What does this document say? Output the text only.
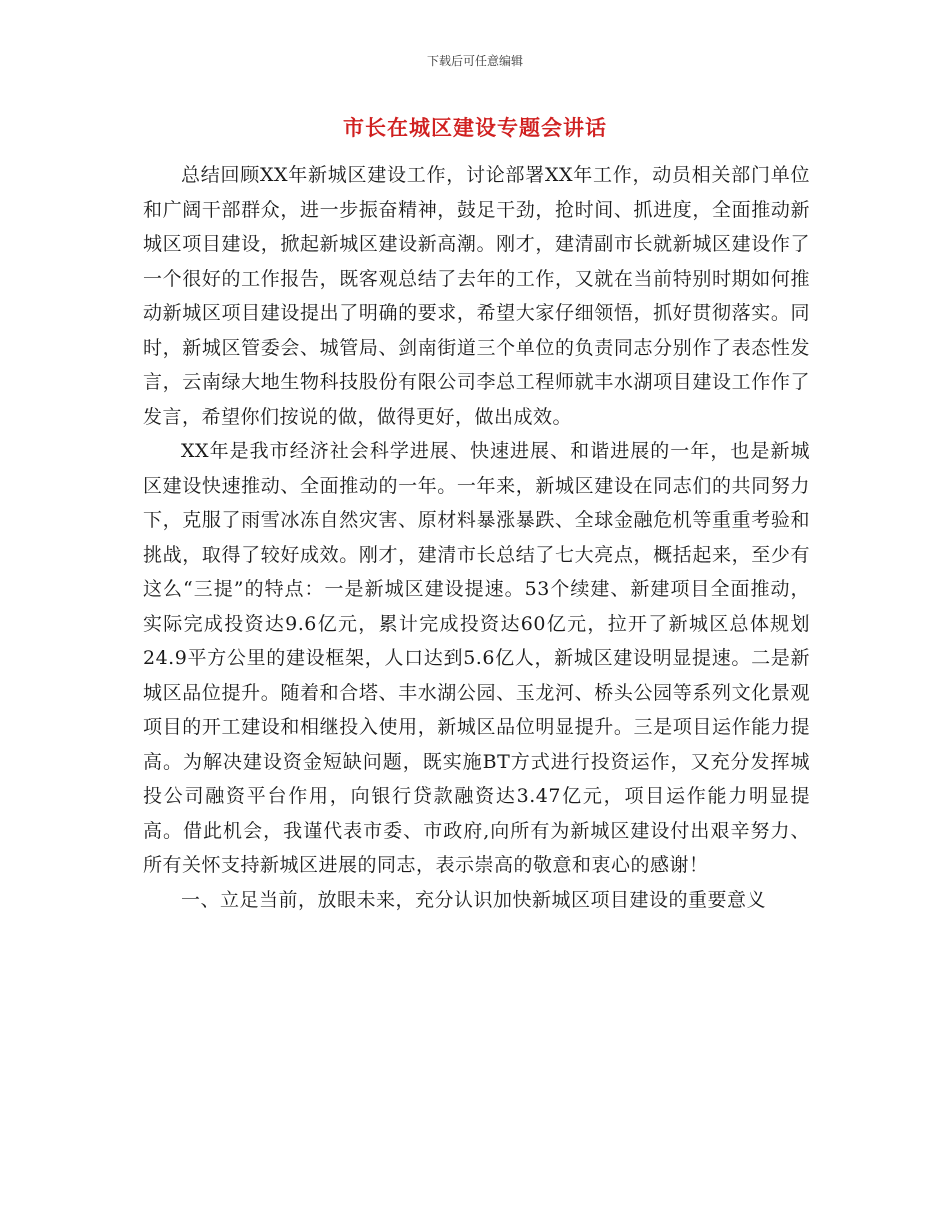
下载后可任意编辑
市长在城区建设专题会讲话

总结回顾XX年新城区建设工作，讨论部署XX年工作，动员相关部门单位和广阔干部群众，进一步振奋精神，鼓足干劲，抢时间、抓进度，全面推动新城区项目建设，掀起新城区建设新高潮。刚才，建清副市长就新城区建设作了一个很好的工作报告，既客观总结了去年的工作，又就在当前特别时期如何推动新城区项目建设提出了明确的要求，希望大家仔细领悟，抓好贯彻落实。同时，新城区管委会、城管局、剑南街道三个单位的负责同志分别作了表态性发言，云南绿大地生物科技股份有限公司李总工程师就丰水湖项目建设工作作了发言，希望你们按说的做，做得更好，做出成效。

XX年是我市经济社会科学进展、快速进展、和谐进展的一年，也是新城区建设快速推动、全面推动的一年。一年来，新城区建设在同志们的共同努力下，克服了雨雪冰冻自然灾害、原材料暴涨暴跌、全球金融危机等重重考验和挑战，取得了较好成效。刚才，建清市长总结了七大亮点，概括起来，至少有这么“三提”的特点：一是新城区建设提速。53个续建、新建项目全面推动，实际完成投资达9.6亿元，累计完成投资达60亿元，拉开了新城区总体规划24.9平方公里的建设框架，人口达到5.6亿人，新城区建设明显提速。二是新城区品位提升。随着和合塔、丰水湖公园、玉龙河、桥头公园等系列文化景观项目的开工建设和相继投入使用，新城区品位明显提升。三是项目运作能力提高。为解决建设资金短缺问题，既实施BT方式进行投资运作，又充分发挥城投公司融资平台作用，向银行贷款融资达3.47亿元，项目运作能力明显提高。借此机会，我谨代表市委、市政府,向所有为新城区建设付出艰辛努力、所有关怀支持新城区进展的同志，表示崇高的敬意和衷心的感谢！

一、立足当前，放眼未来，充分认识加快新城区项目建设的重要意义
